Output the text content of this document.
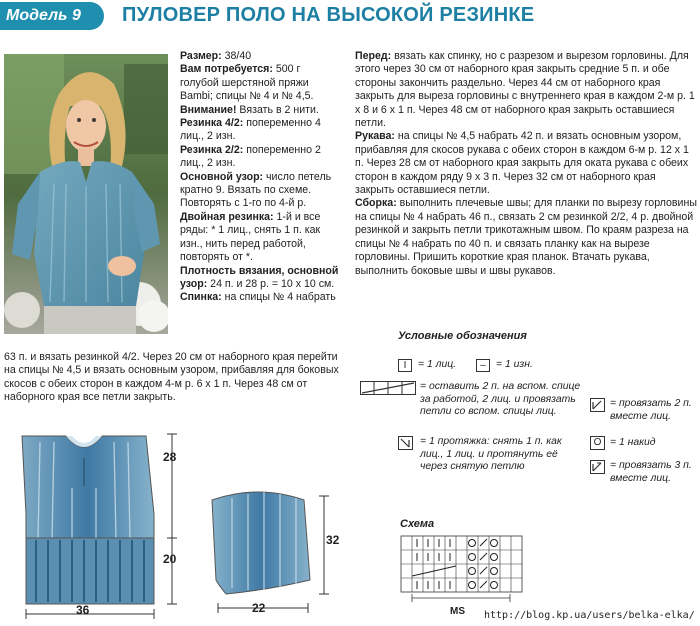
Модель 9	ПУЛОВЕР ПОЛО НА ВЫСОКОЙ РЕЗИНКЕ
Размер: 38/40
Вам потребуется: 500 г голубой шерстяной пряжи Bambi; спицы № 4 и № 4,5.
Внимание! Вязать в 2 нити.
Резинка 4/2: попеременно 4 лиц., 2 изн.
Резинка 2/2: попеременно 2 лиц., 2 изн.
Основной узор: число петель кратно 9. Вязать по схеме. Повторять с 1-го по 4-й р.
Двойная резинка: 1-й и все ряды: * 1 лиц., снять 1 п. как изн., нить перед работой, повторять от *.
Плотность вязания, основной узор: 24 п. и 28 р. = 10 х 10 см.
Спинка: на спицы № 4 набрать
63 п. и вязать резинкой 4/2. Через 20 см от наборного края перейти на спицы № 4,5 и вязать основным узором, прибавляя для боковых скосов с обеих сторон в каждом 4-м р. 6 х 1 п. Через 48 см от наборного края все петли закрыть.
Перед: вязать как спинку, но с разрезом и вырезом горловины. Для этого через 30 см от наборного края закрыть средние 5 п. и обе стороны закончить раздельно. Через 44 см от наборного края закрыть для выреза горловины с внутреннего края в каждом 2-м р. 1 х 8 и 6 х 1 п. Через 48 см от наборного края закрыть оставшиеся петли.
Рукава: на спицы № 4,5 набрать 42 п. и вязать основным узором, прибавляя для скосов рукава с обеих сторон в каждом 6-м р. 12 х 1 п. Через 28 см от наборного края закрыть для оката рукава с обеих сторон в каждом ряду 9 х 3 п. Через 32 см от наборного края закрыть оставшиеся петли.
Сборка: выполнить плечевые швы; для планки по вырезу горловины на спицы № 4 набрать 46 п., связать 2 см резинкой 2/2, 4 р. двойной резинкой и закрыть петли трикотажным швом. По краям разреза на спицы № 4 набрать по 40 п. и связать планку как на вырезе горловины. Пришить короткие края планок. Втачать рукава, выполнить боковые швы и швы рукавов.
Условные обозначения
I	= 1 лиц.	– = 1 изн.
= оставить 2 п. на вспом. спице за работой, 2 лиц. и провязать петли со вспом. спицы лиц.
= 1 протяжка: снять 1 п. как лиц., 1 лиц. и протянуть её через снятую петлю
= провязать 2 п. вместе лиц.
O = 1 накид
= провязать 3 п. вместе лиц.
Схема
MS
28
20
36
32
22
http://blog.kp.ua/users/belka-elka/
